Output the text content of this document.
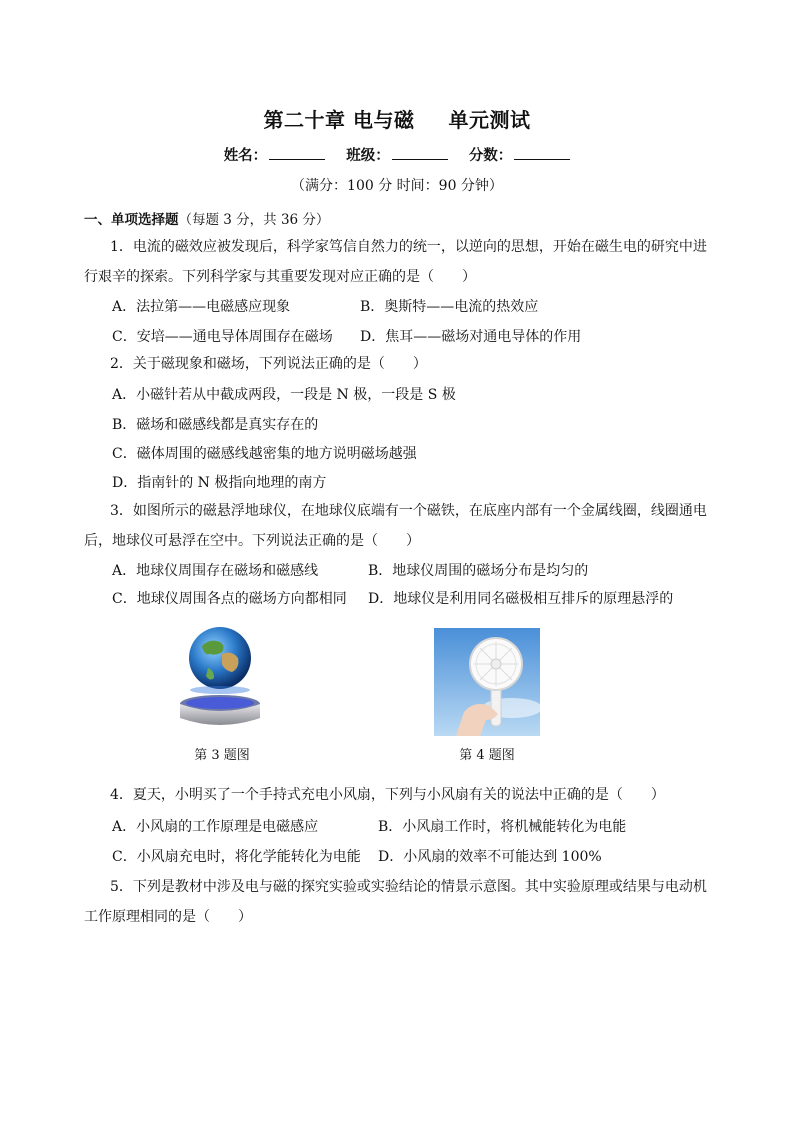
第二十章 电与磁 单元测试
姓名：	班级：	分数：
（满分：100 分 时间：90 分钟）
一、单项选择题（每题 3 分，共 36 分）
1．电流的磁效应被发现后，科学家笃信自然力的统一，以逆向的思想，开始在磁生电的研究中进行艰辛的探索。下列科学家与其重要发现对应正确的是（　　）
A．法拉第——电磁感应现象	B．奥斯特——电流的热效应
C．安培——通电导体周围存在磁场 D．焦耳——磁场对通电导体的作用
2．关于磁现象和磁场，下列说法正确的是（　　）
A．小磁针若从中截成两段，一段是 N 极，一段是 S 极
B．磁场和磁感线都是真实存在的
C．磁体周围的磁感线越密集的地方说明磁场越强
D．指南针的 N 极指向地理的南方
3．如图所示的磁悬浮地球仪，在地球仪底端有一个磁铁，在底座内部有一个金属线圈，线圈通电后，地球仪可悬浮在空中。下列说法正确的是（　　）
A．地球仪周围存在磁场和磁感线	B．地球仪周围的磁场分布是均匀的
C．地球仪周围各点的磁场方向都相同 D．地球仪是利用同名磁极相互排斥的原理悬浮的
第 3 题图	第 4 题图
4．夏天，小明买了一个手持式充电小风扇，下列与小风扇有关的说法中正确的是（　　）
A．小风扇的工作原理是电磁感应	B．小风扇工作时，将机械能转化为电能
C．小风扇充电时，将化学能转化为电能 D．小风扇的效率不可能达到 100%
5．下列是教材中涉及电与磁的探究实验或实验结论的情景示意图。其中实验原理或结果与电动机工作原理相同的是（　　）
